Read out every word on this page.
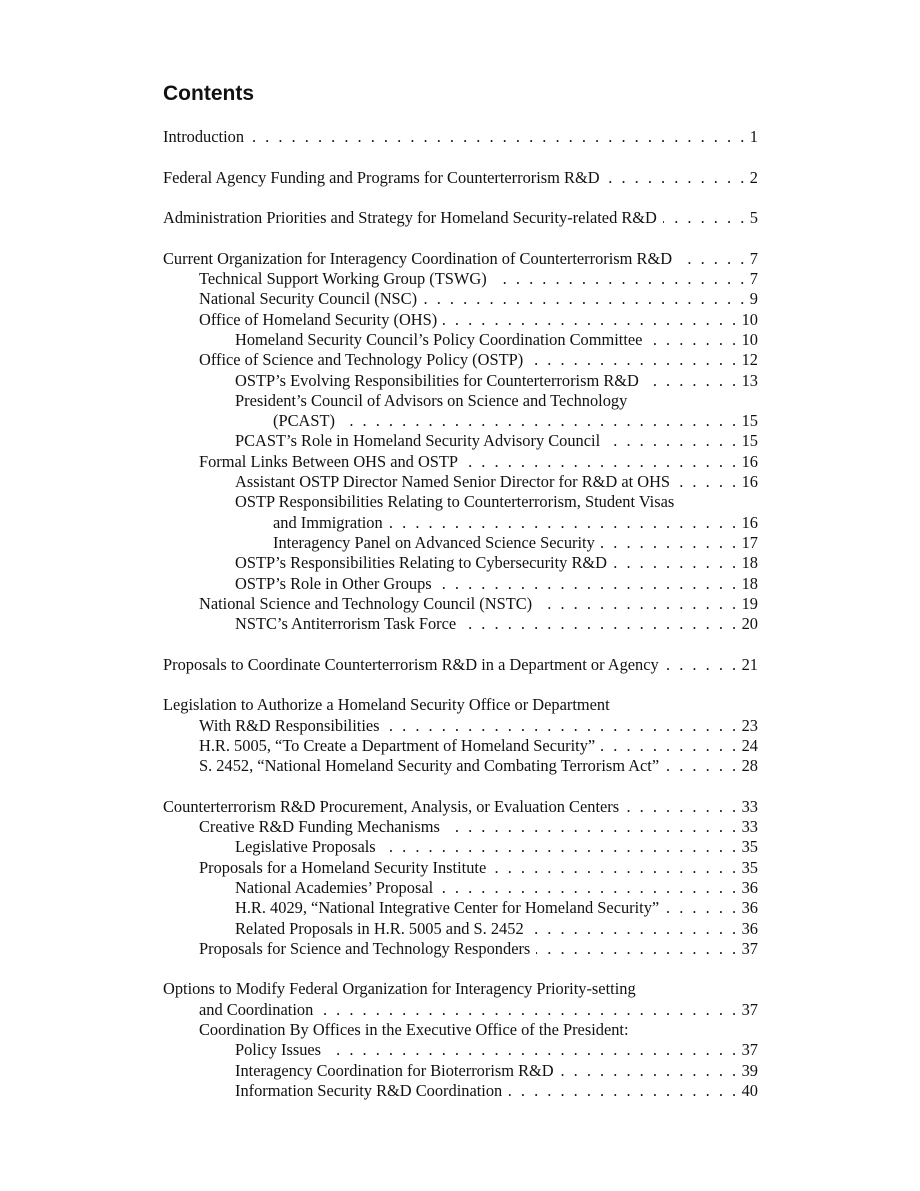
Contents
Introduction . . .	1
Federal Agency Funding and Programs for Counterterrorism R&D . . .	2
Administration Priorities and Strategy for Homeland Security-related R&D . . .	5
Current Organization for Interagency Coordination of Counterterrorism R&D . . .	7
Technical Support Working Group (TSWG) . . .	7
National Security Council (NSC) . . .	9
Office of Homeland Security (OHS) . . .	10
Homeland Security Council’s Policy Coordination Committee . . .	10
Office of Science and Technology Policy (OSTP) . . .	12
OSTP’s Evolving Responsibilities for Counterterrorism R&D . . .	13
President’s Council of Advisors on Science and Technology
(PCAST) . . .	15
PCAST’s Role in Homeland Security Advisory Council . . .	15
Formal Links Between OHS and OSTP . . .	16
Assistant OSTP Director Named Senior Director for R&D at OHS . . .	16
OSTP Responsibilities Relating to Counterterrorism, Student Visas
and Immigration . . .	16
Interagency Panel on Advanced Science Security . . .	17
OSTP’s Responsibilities Relating to Cybersecurity R&D . . .	18
OSTP’s Role in Other Groups . . .	18
National Science and Technology Council (NSTC) . . .	19
NSTC’s Antiterrorism Task Force . . .	20
Proposals to Coordinate Counterterrorism R&D in a Department or Agency . . .	21
Legislation to Authorize a Homeland Security Office or Department
With R&D Responsibilities . . .	23
H.R. 5005, “To Create a Department of Homeland Security” . . .	24
S. 2452, “National Homeland Security and Combating Terrorism Act” . . .	28
Counterterrorism R&D Procurement, Analysis, or Evaluation Centers . . .	33
Creative R&D Funding Mechanisms . . .	33
Legislative Proposals . . .	35
Proposals for a Homeland Security Institute . . .	35
National Academies’ Proposal . . .	36
H.R. 4029, “National Integrative Center for Homeland Security” . . .	36
Related Proposals in H.R. 5005 and S. 2452 . . .	36
Proposals for Science and Technology Responders . . .	37
Options to Modify Federal Organization for Interagency Priority-setting
and Coordination . . .	37
Coordination By Offices in the Executive Office of the President:
Policy Issues . . .	37
Interagency Coordination for Bioterrorism R&D . . .	39
Information Security R&D Coordination . . .	40
